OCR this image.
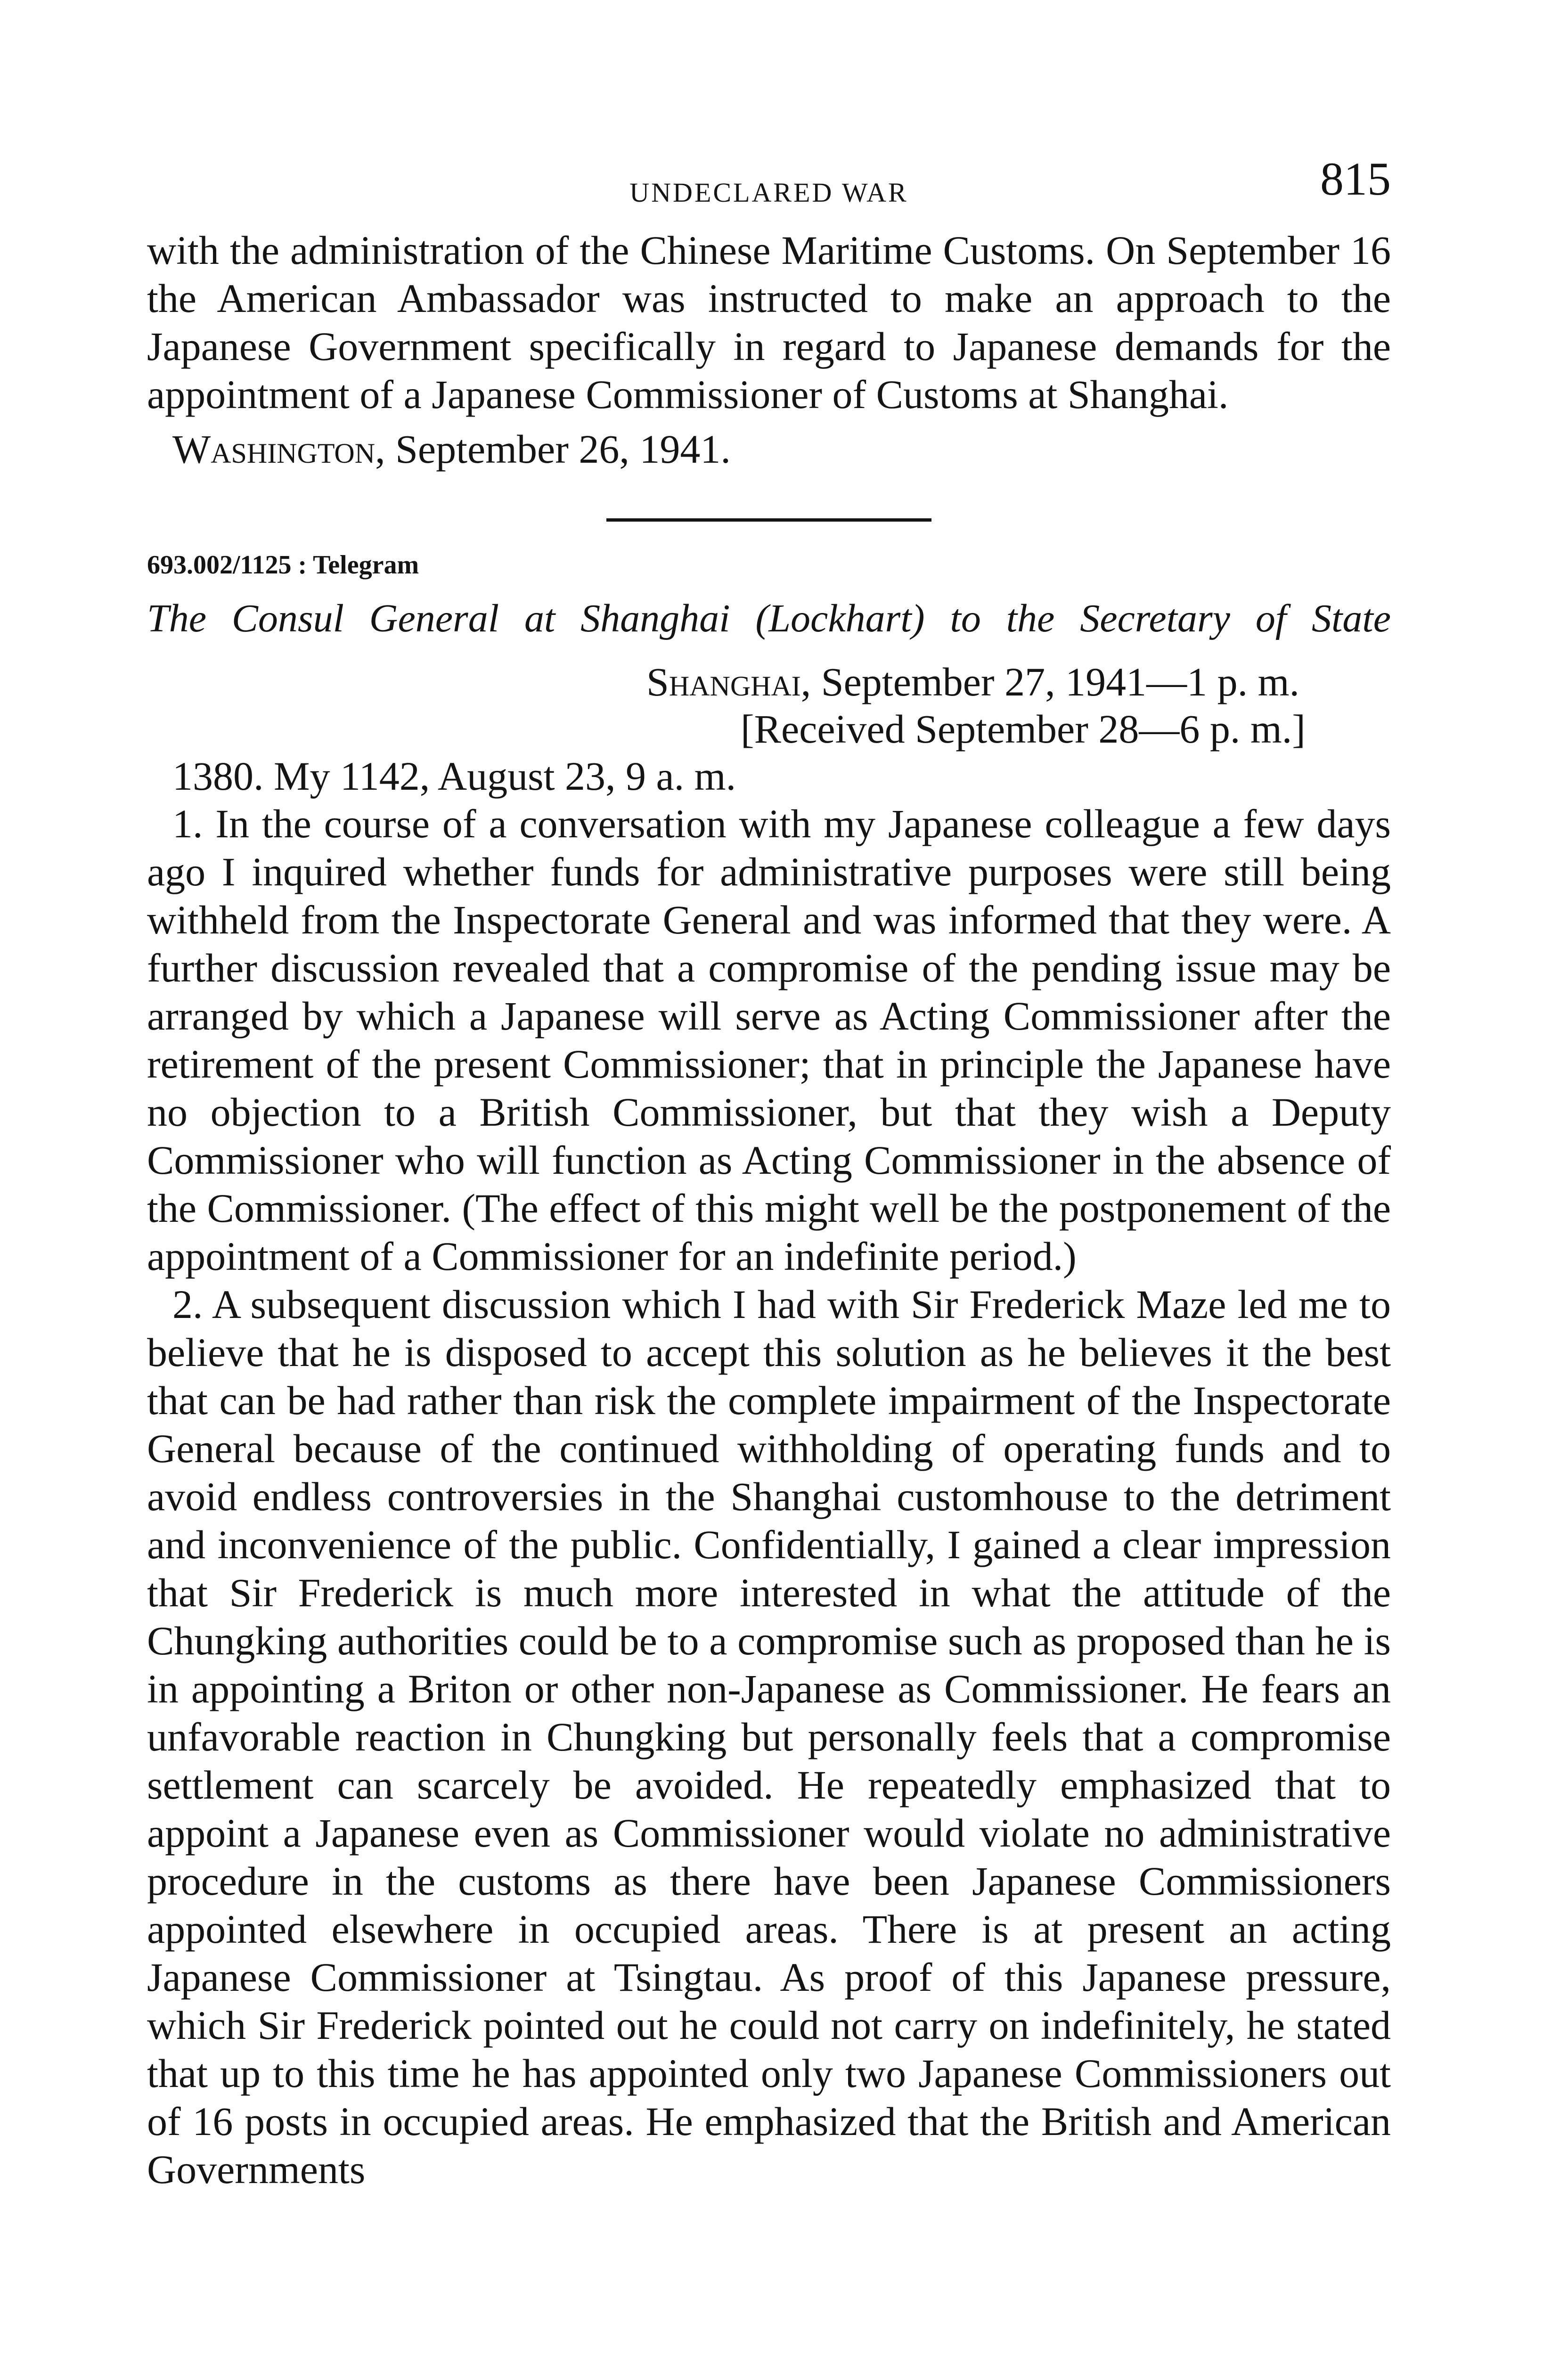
UNDECLARED WAR	815

with the administration of the Chinese Maritime Customs. On September 16 the American Ambassador was instructed to make an approach to the Japanese Government specifically in regard to Japanese demands for the appointment of a Japanese Commissioner of Customs at Shanghai.

Washington, September 26, 1941.
693.002/1125 : Telegram
The Consul General at Shanghai (Lockhart) to the Secretary of State
Shanghai, September 27, 1941—1 p. m.
[Received September 28—6 p. m.]
1380. My 1142, August 23, 9 a. m.

1. In the course of a conversation with my Japanese colleague a few days ago I inquired whether funds for administrative purposes were still being withheld from the Inspectorate General and was informed that they were. A further discussion revealed that a compromise of the pending issue may be arranged by which a Japanese will serve as Acting Commissioner after the retirement of the present Commissioner; that in principle the Japanese have no objection to a British Commissioner, but that they wish a Deputy Commissioner who will function as Acting Commissioner in the absence of the Commissioner. (The effect of this might well be the postponement of the appointment of a Commissioner for an indefinite period.)

2. A subsequent discussion which I had with Sir Frederick Maze led me to believe that he is disposed to accept this solution as he believes it the best that can be had rather than risk the complete impairment of the Inspectorate General because of the continued withholding of operating funds and to avoid endless controversies in the Shanghai customhouse to the detriment and inconvenience of the public. Confidentially, I gained a clear impression that Sir Frederick is much more interested in what the attitude of the Chungking authorities could be to a compromise such as proposed than he is in appointing a Briton or other non-Japanese as Commissioner. He fears an unfavorable reaction in Chungking but personally feels that a compromise settlement can scarcely be avoided. He repeatedly emphasized that to appoint a Japanese even as Commissioner would violate no administrative procedure in the customs as there have been Japanese Commissioners appointed elsewhere in occupied areas. There is at present an acting Japanese Commissioner at Tsingtau. As proof of this Japanese pressure, which Sir Frederick pointed out he could not carry on indefinitely, he stated that up to this time he has appointed only two Japanese Commissioners out of 16 posts in occupied areas. He emphasized that the British and American Governments
